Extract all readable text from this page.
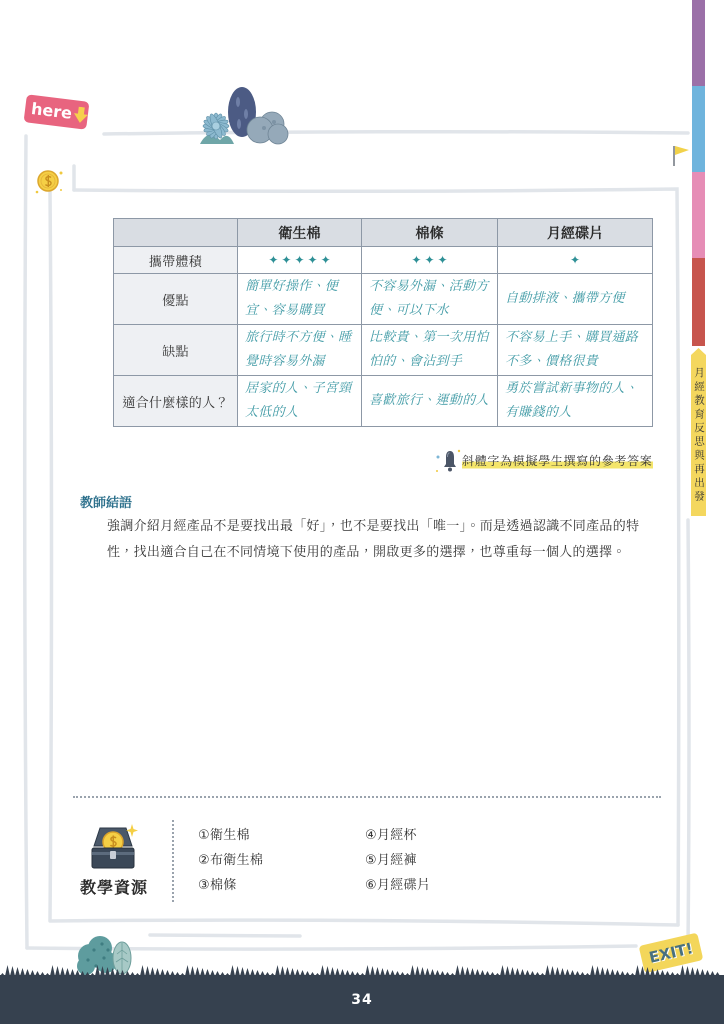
月經教育反思與再出發
here
	衛生棉	棉條	月經碟片
攜帶體積	✦✦✦✦✦	✦✦✦	✦
優點	簡單好操作、便宜、容易購買	不容易外漏、活動方便、可以下水	自動排液、攜帶方便

缺點	旅行時不方便、睡覺時容易外漏	比較貴、第一次用怕怕的、會沾到手	不容易上手、購買通路不多、價格很貴

適合什麼樣的人？	居家的人、子宮頸太低的人	喜歡旅行、運動的人	勇於嘗試新事物的人、有賺錢的人
斜體字為模擬學生撰寫的參考答案
教師結語
強調介紹月經產品不是要找出最「好」，也不是要找出「唯一」。而是透過認識不同產品的特性，找出適合自己在不同情境下使用的產品，開啟更多的選擇，也尊重每一個人的選擇。
教學資源
①衛生棉
②布衛生棉
③棉條
④月經杯
⑤月經褲
⑥月經碟片
EXIT!
34
